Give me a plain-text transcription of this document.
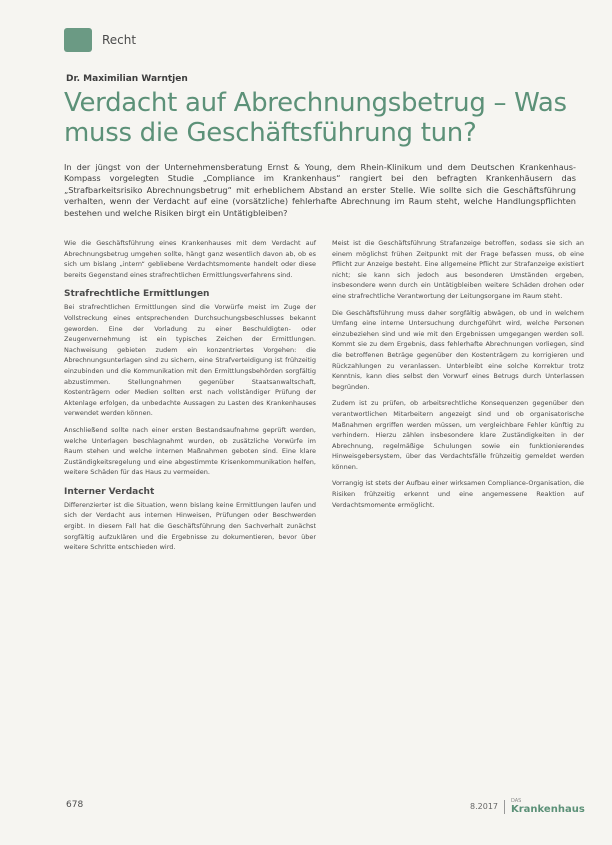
Recht
Dr. Maximilian Warntjen
Verdacht auf Abrechnungsbetrug – Was muss die Geschäftsführung tun?

In der jüngst von der Unternehmensberatung Ernst & Young, dem Rhein-Klinikum und dem Deutschen Krankenhaus-Kompass vorgelegten Studie „Compliance im Krankenhaus“ rangiert bei den befragten Krankenhäusern das „Strafbarkeitsrisiko Abrechnungsbetrug“ mit erheblichem Abstand an erster Stelle. Wie sollte sich die Geschäftsführung verhalten, wenn der Verdacht auf eine (vorsätzliche) fehlerhafte Abrechnung im Raum steht, welche Handlungspflichten bestehen und welche Risiken birgt ein Untätigbleiben?

Wie die Geschäftsführung eines Krankenhauses mit dem Verdacht auf Abrechnungsbetrug umgehen sollte, hängt ganz wesentlich davon ab, ob es sich um bislang „intern“ gebliebene Verdachtsmomente handelt oder diese bereits Gegenstand eines strafrechtlichen Ermittlungsverfahrens sind.

Strafrechtliche Ermittlungen

Bei strafrechtlichen Ermittlungen sind die Vorwürfe meist im Zuge der Vollstreckung eines entsprechenden Durchsuchungsbeschlusses bekannt geworden. Eine der Vorladung zu einer Beschuldigten- oder Zeugenvernehmung ist ein typisches Zeichen der Ermittlungen. Nachweisung gebieten zudem ein konzentriertes Vorgehen: die Abrechnungsunterlagen sind zu sichern, eine Strafverteidigung ist frühzeitig einzubinden und die Kommunikation mit den Ermittlungsbehörden sorgfältig abzustimmen. Stellungnahmen gegenüber Staatsanwaltschaft, Kostenträgern oder Medien sollten erst nach vollständiger Prüfung der Aktenlage erfolgen, da unbedachte Aussagen zu Lasten des Krankenhauses verwendet werden können.

Anschließend sollte nach einer ersten Bestandsaufnahme geprüft werden, welche Unterlagen beschlagnahmt wurden, ob zusätzliche Vorwürfe im Raum stehen und welche internen Maßnahmen geboten sind. Eine klare Zuständigkeitsregelung und eine abgestimmte Krisenkommunikation helfen, weitere Schäden für das Haus zu vermeiden.

Interner Verdacht

Differenzierter ist die Situation, wenn bislang keine Ermittlungen laufen und sich der Verdacht aus internen Hinweisen, Prüfungen oder Beschwerden ergibt. In diesem Fall hat die Geschäftsführung den Sachverhalt zunächst sorgfältig aufzuklären und die Ergebnisse zu dokumentieren, bevor über weitere Schritte entschieden wird.

Meist ist die Geschäftsführung Strafanzeige betroffen, sodass sie sich an einem möglichst frühen Zeitpunkt mit der Frage befassen muss, ob eine Pflicht zur Anzeige besteht. Eine allgemeine Pflicht zur Strafanzeige existiert nicht; sie kann sich jedoch aus besonderen Umständen ergeben, insbesondere wenn durch ein Untätigbleiben weitere Schäden drohen oder eine strafrechtliche Verantwortung der Leitungsorgane im Raum steht.

Die Geschäftsführung muss daher sorgfältig abwägen, ob und in welchem Umfang eine interne Untersuchung durchgeführt wird, welche Personen einzubeziehen sind und wie mit den Ergebnissen umgegangen werden soll. Kommt sie zu dem Ergebnis, dass fehlerhafte Abrechnungen vorliegen, sind die betroffenen Beträge gegenüber den Kostenträgern zu korrigieren und Rückzahlungen zu veranlassen. Unterbleibt eine solche Korrektur trotz Kenntnis, kann dies selbst den Vorwurf eines Betrugs durch Unterlassen begründen.

Zudem ist zu prüfen, ob arbeitsrechtliche Konsequenzen gegenüber den verantwortlichen Mitarbeitern angezeigt sind und ob organisatorische Maßnahmen ergriffen werden müssen, um vergleichbare Fehler künftig zu verhindern. Hierzu zählen insbesondere klare Zuständigkeiten in der Abrechnung, regelmäßige Schulungen sowie ein funktionierendes Hinweisgebersystem, über das Verdachtsfälle frühzeitig gemeldet werden können.

Vorrangig ist stets der Aufbau einer wirksamen Compliance-Organisation, die Risiken frühzeitig erkennt und eine angemessene Reaktion auf Verdachtsmomente ermöglicht.

678	8.2017
DAS
Krankenhaus
